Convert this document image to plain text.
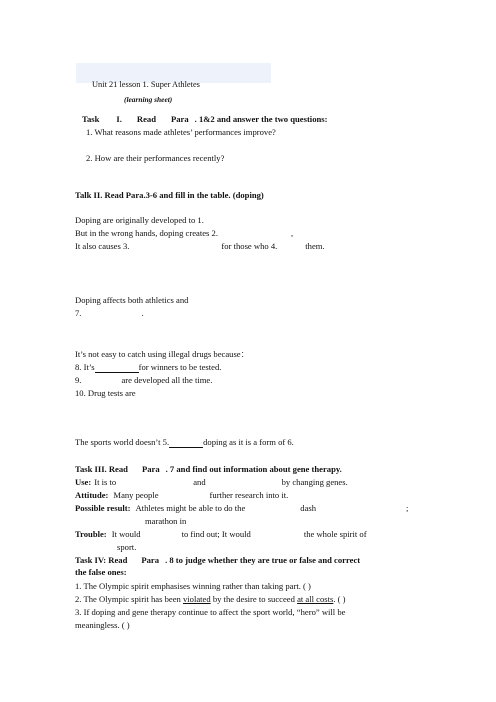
Unit 21 lesson 1. Super Athletes
(learning sheet)
Task I. Read Para . 1&2 and answer the two questions:
1. What reasons made athletes’ performances improve?
2. How are their performances recently?
Talk II. Read Para.3-6 and fill in the table. (doping)
Doping are originally developed to 1.
But in the wrong hands, doping creates 2.	,
It also causes 3.	for those who 4.	them.
Doping affects both athletics and
7.	.
It’s not easy to catch using illegal drugs because：
8. It’s	for winners to be tested.
9.	are developed all the time.
10. Drug tests are
The sports world doesn’t 5.	doping as it is a form of 6.
Task III. Read Para . 7 and find out information about gene therapy.
Use: It is to	and	by changing genes.
Attitude: Many people	further research into it.
Possible result: Athletes might be able to do the	dash	;
marathon in
Trouble: It would	to find out; It would	the whole spirit of
sport.
Task IV: Read Para . 8 to judge whether they are true or false and correct
the false ones:
1. The Olympic spirit emphasises winning rather than taking part. ( )
2. The Olympic spirit has been violated by the desire to succeed at all costs. ( )
3. If doping and gene therapy continue to affect the sport world, “hero” will be
meaningless. ( )
